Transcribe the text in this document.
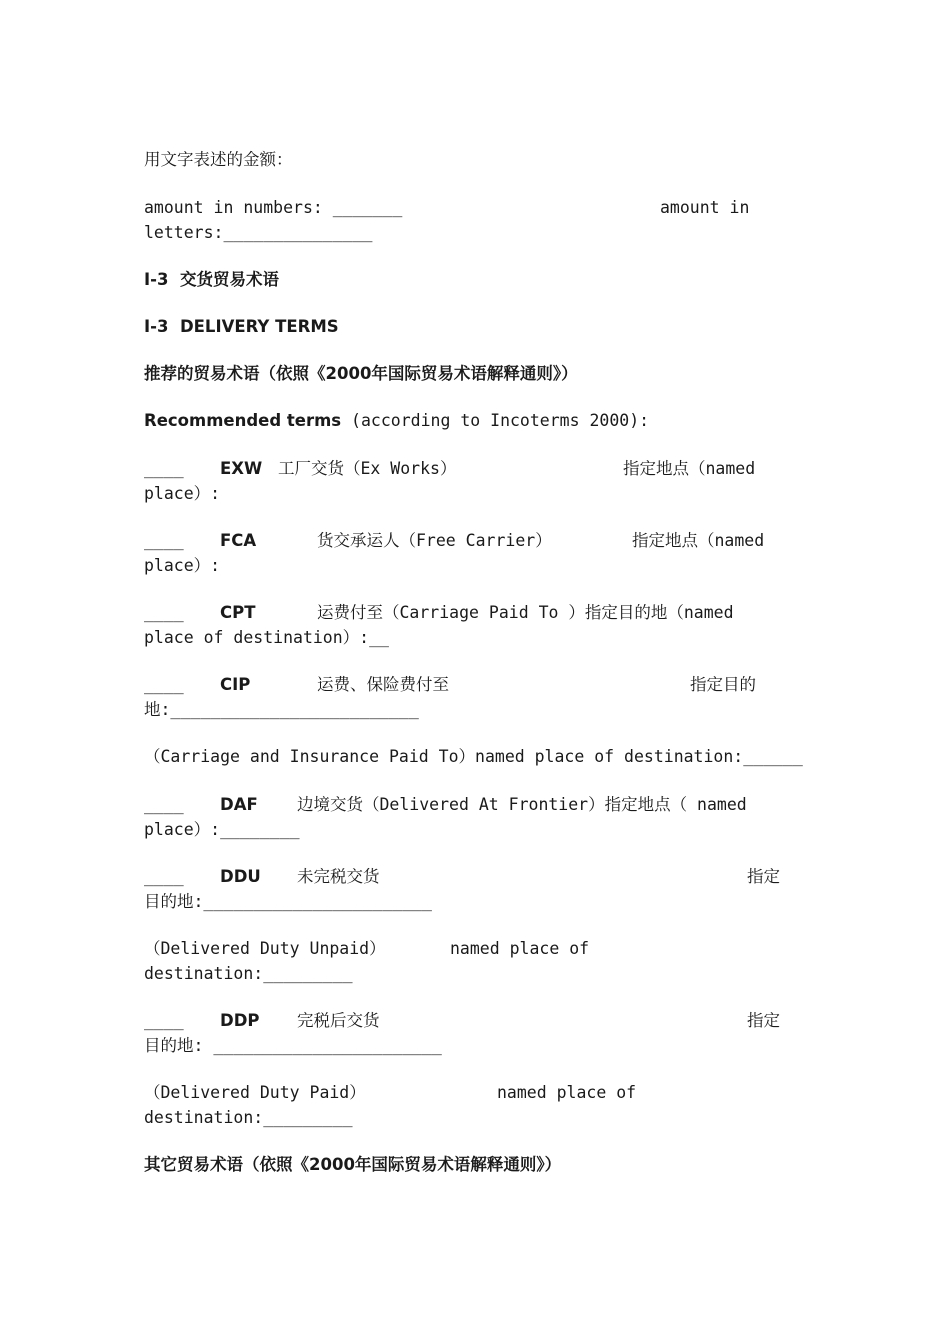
用文字表述的金额：
amount in numbers: _______	amount in
letters:_______________
I-3  交货贸易术语
I-3  DELIVERY TERMS
推荐的贸易术语（依照《2000年国际贸易术语解释通则》）
Recommended terms (according to Incoterms 2000):
____ EXW 工厂交货（Ex Works）	指定地点（named
place）:
____ FCA	货交承运人（Free Carrier）	指定地点（named
place）:
____ CPT	运费付至（Carriage Paid To ）指定目的地（named
place of destination）:__
____ CIP	运费、保险费付至	指定目的
地:_________________________
（Carriage and Insurance Paid To）named place of destination:______
____ DAF 边境交货（Delivered At Frontier）指定地点（ named
place）:________
____ DDU 未完税交货	指定
目的地:_______________________
（Delivered Duty Unpaid）	named place of
destination:_________
____ DDP 完税后交货	指定
目的地: _______________________
（Delivered Duty Paid）	named place of
destination:_________
其它贸易术语（依照《2000年国际贸易术语解释通则》）
